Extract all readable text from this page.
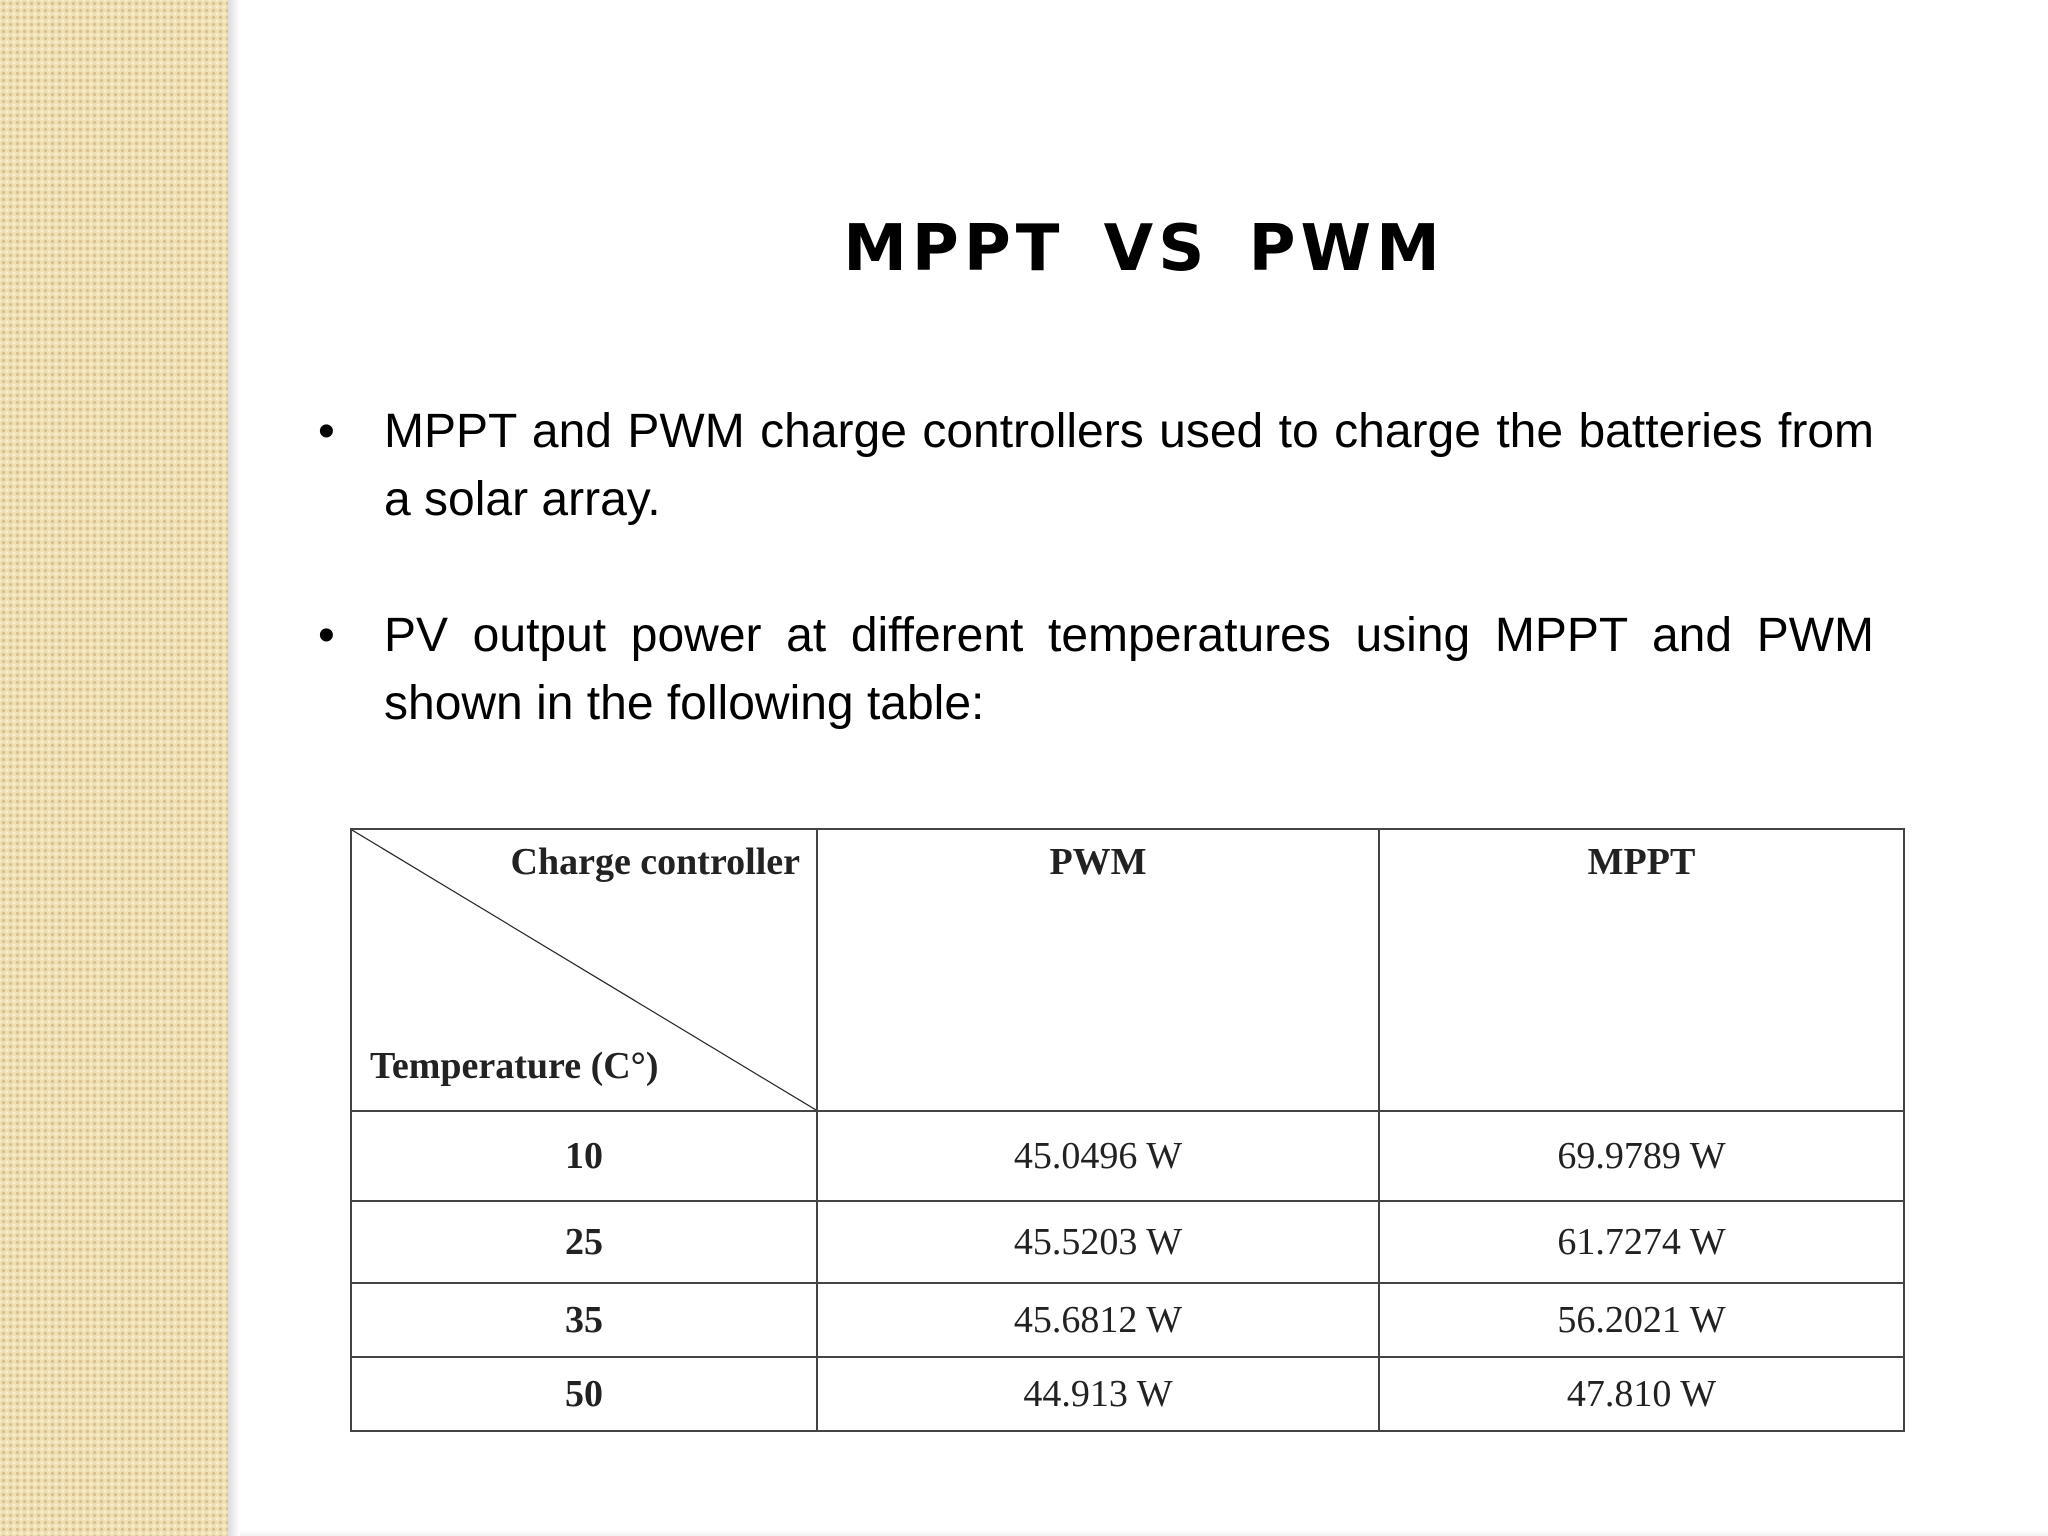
MPPT VS PWM
• MPPT and PWM charge controllers used to charge the batteries from a solar array.
• PV output power at different temperatures using MPPT and PWM shown in the following table:
Charge controller
Temperature (C°)	PWM	MPPT
10	45.0496 W	69.9789 W
25	45.5203 W	61.7274 W
35	45.6812 W	56.2021 W
50	44.913 W	47.810 W
